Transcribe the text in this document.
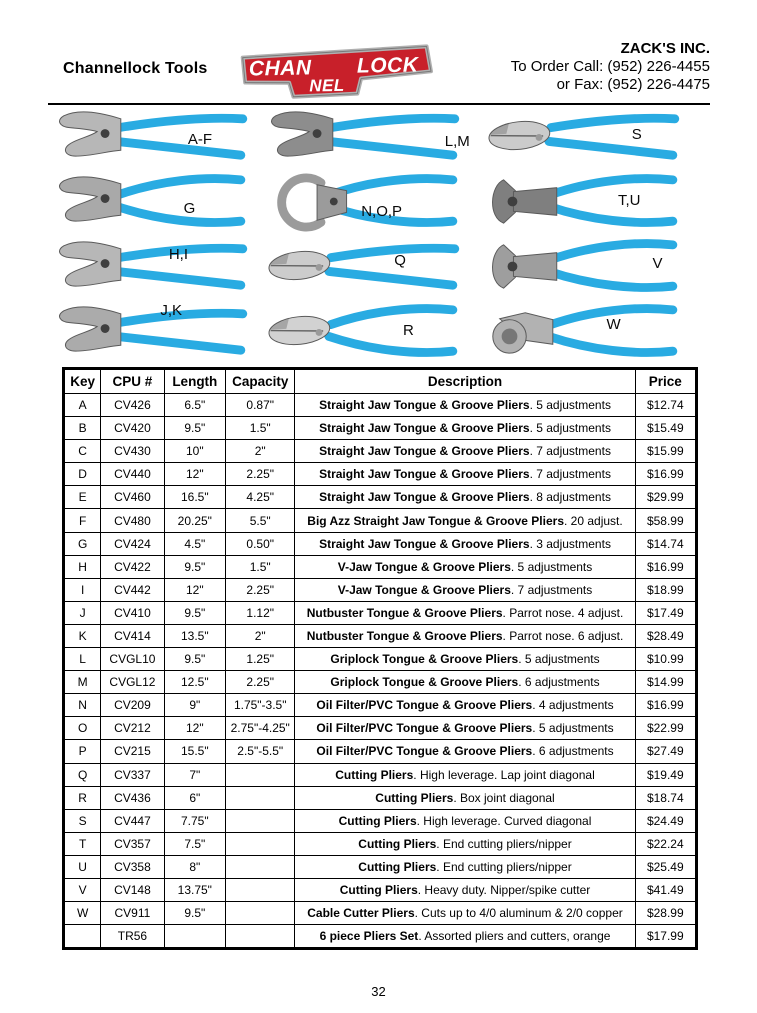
Channellock Tools CHAN
NEL
LOCK
ZACK'S INC.
To Order Call: (952) 226-4455
or Fax: (952) 226-4475
A-F	L,M	S
G	N,O,P
T,U
H,I	Q	V
J,K
R	W
Key	CPU #	Length	Capacity	Description	Price
A	CV426	6.5"	0.87"	Straight Jaw Tongue & Groove Pliers. 5 adjustments	$12.74
B	CV420	9.5"	1.5"	Straight Jaw Tongue & Groove Pliers. 5 adjustments	$15.49
C	CV430	10"	2"	Straight Jaw Tongue & Groove Pliers. 7 adjustments	$15.99
D	CV440	12"	2.25"	Straight Jaw Tongue & Groove Pliers. 7 adjustments	$16.99
E	CV460	16.5"	4.25"	Straight Jaw Tongue & Groove Pliers. 8 adjustments	$29.99
F	CV480	20.25"	5.5"	Big Azz Straight Jaw Tongue & Groove Pliers. 20 adjust.	$58.99
G	CV424	4.5"	0.50"	Straight Jaw Tongue & Groove Pliers. 3 adjustments	$14.74
H	CV422	9.5"	1.5"	V-Jaw Tongue & Groove Pliers. 5 adjustments	$16.99
I	CV442	12"	2.25"	V-Jaw Tongue & Groove Pliers. 7 adjustments	$18.99
J	CV410	9.5"	1.12"	Nutbuster Tongue & Groove Pliers. Parrot nose. 4 adjust.	$17.49
K	CV414	13.5"	2"	Nutbuster Tongue & Groove Pliers. Parrot nose. 6 adjust.	$28.49
L	CVGL10	9.5"	1.25"	Griplock Tongue & Groove Pliers. 5 adjustments	$10.99
M	CVGL12	12.5"	2.25"	Griplock Tongue & Groove Pliers. 6 adjustments	$14.99
N	CV209	9"	1.75"-3.5"	Oil Filter/PVC Tongue & Groove Pliers. 4 adjustments	$16.99
O	CV212	12"	2.75"-4.25"	Oil Filter/PVC Tongue & Groove Pliers. 5 adjustments	$22.99
P	CV215	15.5"	2.5"-5.5"	Oil Filter/PVC Tongue & Groove Pliers. 6 adjustments	$27.49
Q	CV337	7"		Cutting Pliers. High leverage. Lap joint diagonal	$19.49
R	CV436	6"		Cutting Pliers. Box joint diagonal	$18.74
S	CV447	7.75"		Cutting Pliers. High leverage. Curved diagonal	$24.49
T	CV357	7.5"		Cutting Pliers. End cutting pliers/nipper	$22.24
U	CV358	8"		Cutting Pliers. End cutting pliers/nipper	$25.49
V	CV148	13.75"		Cutting Pliers. Heavy duty. Nipper/spike cutter	$41.49
W	CV911	9.5"		Cable Cutter Pliers. Cuts up to 4/0 aluminum & 2/0 copper	$28.99
	TR56			6 piece Pliers Set. Assorted pliers and cutters, orange	$17.99
32
